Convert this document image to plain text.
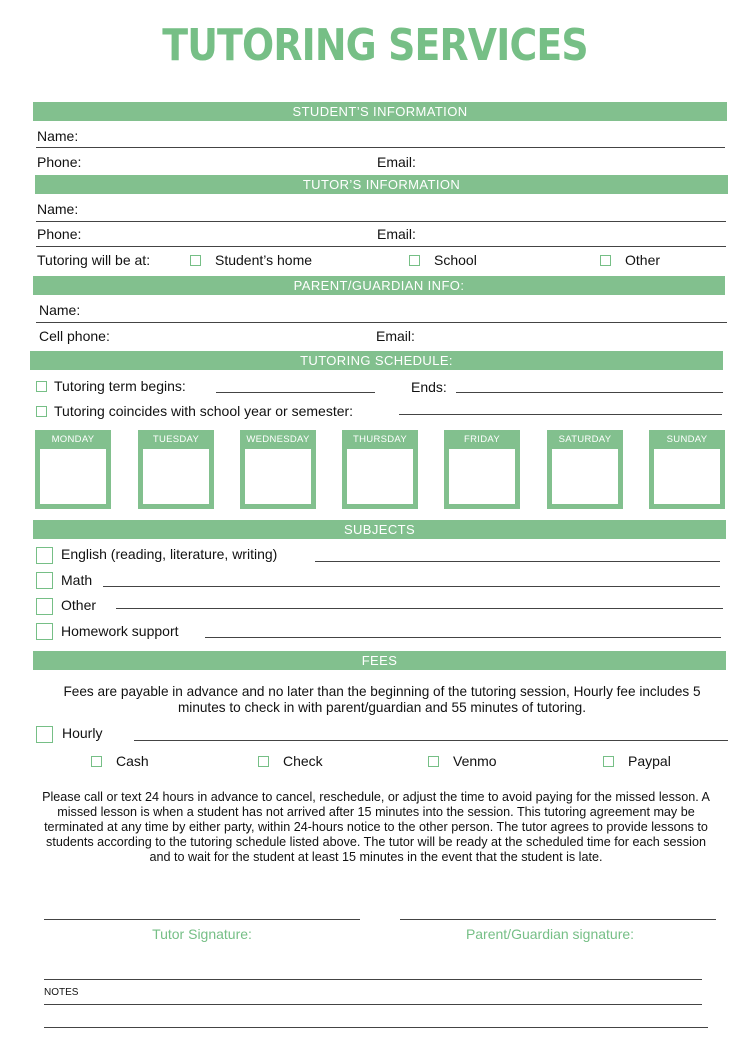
TUTORING SERVICES
STUDENT’S INFORMATION
Name:
Phone:	Email:
TUTOR’S INFORMATION
Name:
Phone:	Email:
Tutoring will be at:	Student’s home	School	Other
PARENT/GUARDIAN INFO:
Name:
Cell phone:	Email:
TUTORING SCHEDULE:
Tutoring term begins:	Ends:
Tutoring coincides with school year or semester:
MONDAY	TUESDAY	WEDNESDAY	THURSDAY	FRIDAY	SATURDAY	SUNDAY
SUBJECTS
English (reading, literature, writing)
Math
Other
Homework support
FEES
Fees are payable in advance and no later than the beginning of the tutoring session, Hourly fee includes 5 minutes to check in with parent/guardian and 55 minutes of tutoring.
Hourly
Cash	Check	Venmo	Paypal
Please call or text 24 hours in advance to cancel, reschedule, or adjust the time to avoid paying for the missed lesson. A missed lesson is when a student has not arrived after 15 minutes into the session. This tutoring agreement may be terminated at any time by either party, within 24-hours notice to the other person. The tutor agrees to provide lessons to students according to the tutoring schedule listed above. The tutor will be ready at the scheduled time for each session and to wait for the student at least 15 minutes in the event that the student is late.
Tutor Signature:	Parent/Guardian signature:
NOTES
